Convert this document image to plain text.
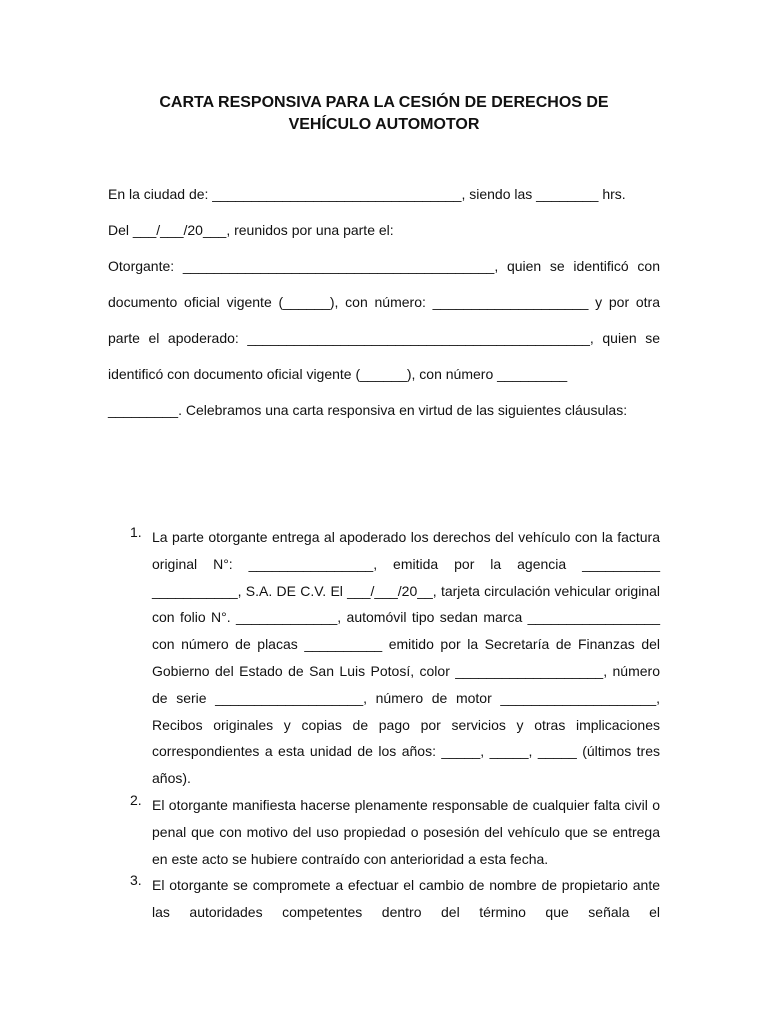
CARTA RESPONSIVA PARA LA CESIÓN DE DERECHOS DE
VEHÍCULO AUTOMOTOR

En la ciudad de: ________________________________, siendo las ________ hrs.

Del ___/___/20___, reunidos por una parte el:

Otorgante: ________________________________________, quien se identificó con documento oficial vigente (______), con número: ____________________ y por otra parte el apoderado: ____________________________________________, quien se identificó con documento oficial vigente (______), con número _________

_________. Celebramos una carta responsiva en virtud de las siguientes cláusulas:

1. La parte otorgante entrega al apoderado los derechos del vehículo con la factura original N°: ________________, emitida por la agencia __________ ___________, S.A. DE C.V. El ___/___/20__, tarjeta circulación vehicular original con folio N°. _____________, automóvil tipo sedan marca _________________ con número de placas __________ emitido por la Secretaría de Finanzas del Gobierno del Estado de San Luis Potosí, color ___________________, número de serie ___________________, número de motor ____________________, Recibos originales y copias de pago por servicios y otras implicaciones correspondientes a esta unidad de los años: _____, _____, _____ (últimos tres años).
2. El otorgante manifiesta hacerse plenamente responsable de cualquier falta civil o penal que con motivo del uso propiedad o posesión del vehículo que se entrega en este acto se hubiere contraído con anterioridad a esta fecha.
3. El otorgante se compromete a efectuar el cambio de nombre de propietario ante las autoridades competentes dentro del término que señala el
